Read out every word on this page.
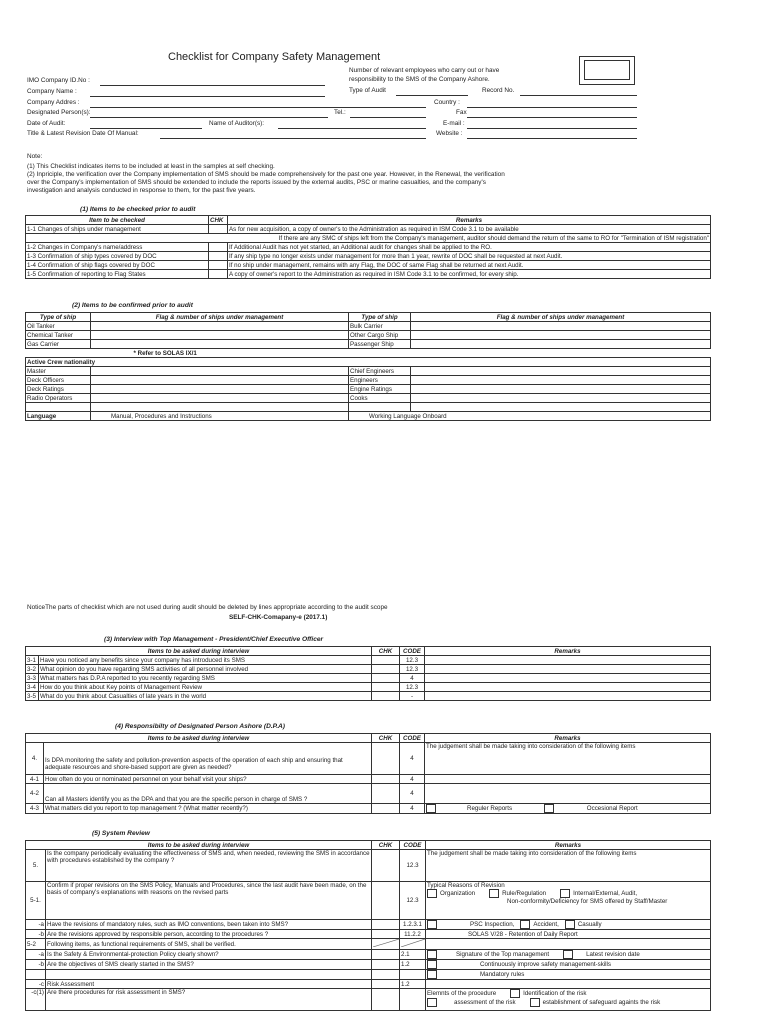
Checklist for Company Safety Management
Number of relevant employees who carry out or have
responsibility to the SMS of the Company Ashore.
Type of Audit	Record No.
IMO Company ID.No :
Company Name :
Company Addres :	Country :
Designated Person(s):	Tel.:	Fax
Date of Audit:	Name of Auditor(s):	E-mail :
Title & Latest Revision Date Of Manual:	Website :
Note:
(1) This Checklist indicates items to be included at least in the samples at self checking.
(2) Inpriciple, the verification over the Company implementation of SMS should be made comprehensively for the past one year. However, in the Renewal, the verification
over the Company's implementation of SMS should be extended to include the reports issued by the external audits, PSC or marine casualties, and the company's
investigation and analysis conducted in response to them, for the past five years.
(1) Items to be checked prior to audit
Item to be checked	CHK	Remarks
1-1 Changes of ships under management		As for new acquisition, a copy of owner's to the Administration as required in ISM Code 3.1 to be available
If there are any SMC of ships left from the Company's management, auditor should demand the return of the same to RO for "Termination of ISM registration"		
1-2 Changes in Company's name/address		If Additional Audit has not yet started, an Additional audit for changes shall be applied to the RO.
1-3 Confirmation of ship types covered by DOC		If any ship type no longer exists under management for more than 1 year, rewrite of DOC shall be requested at next Audit.
1-4 Confirmation of ship flags covered by DOC		If no ship under management, remains with any Flag, the DOC of same Flag shall be returned at next Audit.
1-5 Confirmation of reporting to Flag States		A copy of owner's report to the Administration as required in ISM Code 3.1 to be confirmed, for every ship.
(2) Items to be confirmed prior to audit
Type of ship	Flag & number of ships under management	Type of ship	Flag & number of ships under management
Oil Tanker		Bulk Carrier	
Chemical Tanker		Other Cargo Ship	
Gas Carrier		Passenger Ship	
* Refer to SOLAS IX/1			
Active Crew nationality			
Master		Chief Engineers	
Deck Officers		Engineers	
Deck Ratings		Engine Ratings	
Radio Operators		Cooks	

Language	Manual, Procedures and Instructions	Working Language Onboard	
NoticeThe parts of checklist which are not used during audit should be deleted by lines appropriate according to the audit scope
SELF-CHK-Comapany-e (2017.1)
(3) Interview with Top Management - President/Chief Executive Officer
Items to be asked during interview		CHK	CODE	Remarks
3-1	Have you noticed any benefits since your company has introduced its SMS		12.3	
3-2	What opinion do you have regarding SMS activities of all personnel involved		12.3	
3-3	What matters has D.P.A reported to you recently regarding SMS		4	
3-4	How do you think about Key points of Management Review		12.3	
3-5	What do you think about Casualties of late years in the world		-	
(4) Responsibilty of Designated Person Ashore (D.P.A)
Items to be asked during interview		CHK	CODE	Remarks
4.	Is DPA monitoring the safety and pollution-prevention aspects of the operation of each ship and ensuring that adequate resources and shore-based support are given as needed?		4	The judgement shall be made taking into consideration of the following items
4-1	How often do you or nominated personnel on your behalf visit your ships?		4	
4-2	Can all Masters identify you as the DPA and that you are the specific person in charge of SMS ?		4	
4-3	What matters did you report to top management ? (What matter recently?)		4	Reguler Reports Occesional Report
(5) System Review
Items to be asked during interview		CHK	CODE	Remarks
5.	Is the company periodically evaluating the effectiveness of SMS and, when needed, reviewing the SMS in accordance with procedures established by the company ?		12.3	The judgement shall be made taking into consideration of the following items
5-1.	Confirm if proper revisions on the SMS Policy, Manuals and Procedures, since the last audit have been made, on the basis of company's explanations with reasons on the revised parts		12.3	Typical Reasons of Revision
Organization Rule/Regulation Internal/External, Audit,
Non-conformity/Deficiency for SMS offered by Staff/Master

-a	Have the revisions of mandatory rules, such as IMO conventions, been taken into SMS?		1.2.3.1	PSC Inspection, Accident, Casually
-b	Are the revisions approved by responsible person, according to the procedures ?		11.2.2	SOLAS V/28 - Retention of Daily Report
5-2	Following items, as functional requirements of SMS, shall be verified.			
-a	Is the Safety & Environmental-protection Policy clearly shown?		2.1	Signature of the Top management Latest revision date
-b	Are the objectives of SMS clearly started in the SMS?		1.2	Continuously improve safety management-skills
				Mandatory rules
-c	Risk Assessment		1.2	
-c(1)	Are there procedures for risk assessment in SMS?			Elemnts of the procedure Identification of the risk
assessment of the risk establishment of safeguard againts the risk
